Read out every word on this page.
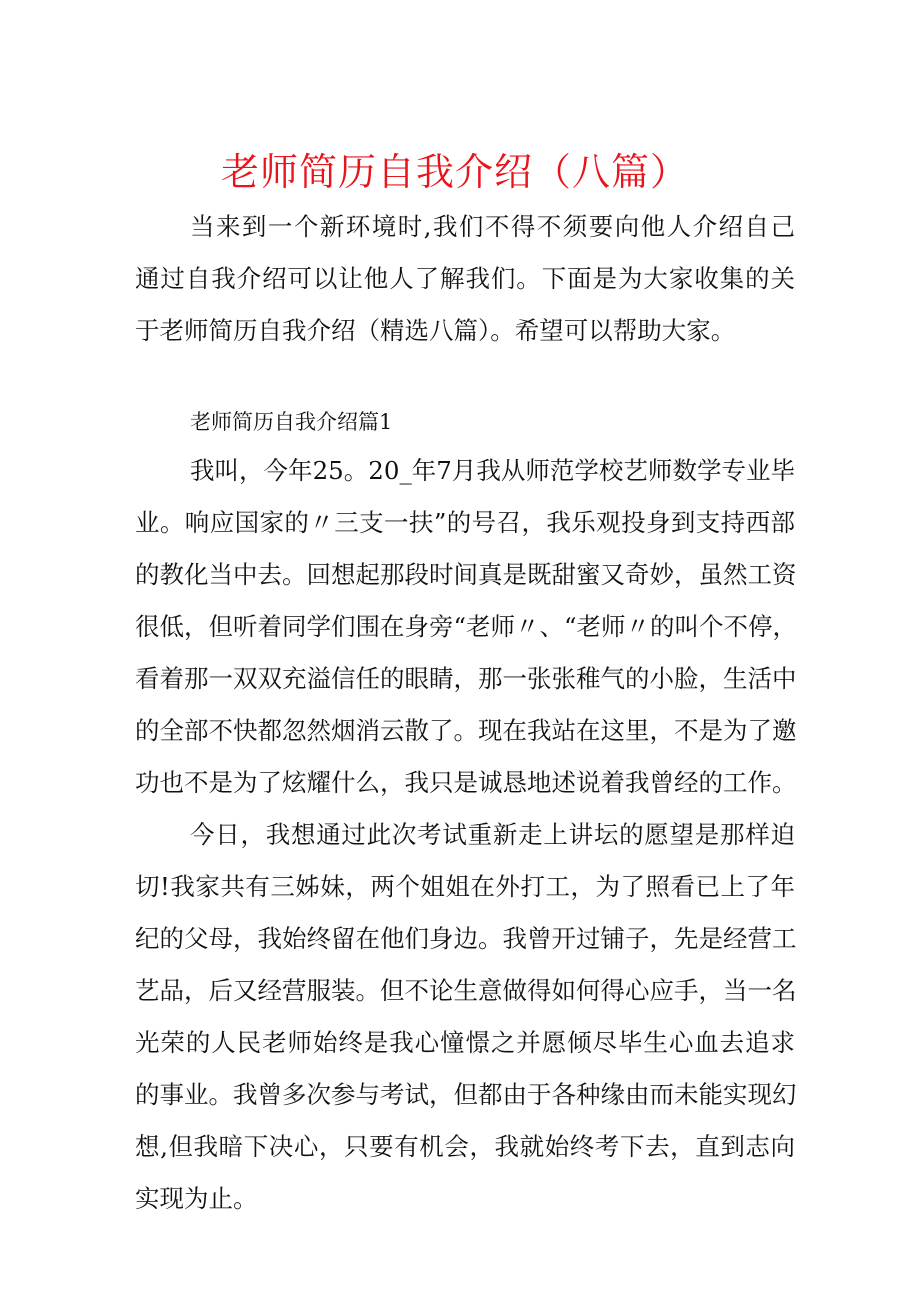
老师简历自我介绍（八篇）
当来到一个新环境时,我们不得不须要向他人介绍自己
通过自我介绍可以让他人了解我们。下面是为大家收集的关
于老师简历自我介绍（精选八篇）。希望可以帮助大家。
老师简历自我介绍篇1
我叫，今年25。20_年7月我从师范学校艺师数学专业毕
业。响应国家的〃三支一扶”的号召，我乐观投身到支持西部
的教化当中去。回想起那段时间真是既甜蜜又奇妙，虽然工资
很低，但听着同学们围在身旁“老师〃、“老师〃的叫个不停，
看着那一双双充溢信任的眼睛，那一张张稚气的小脸，生活中
的全部不快都忽然烟消云散了。现在我站在这里，不是为了邀
功也不是为了炫耀什么，我只是诚恳地述说着我曾经的工作。
今日，我想通过此次考试重新走上讲坛的愿望是那样迫
切!我家共有三姊妹，两个姐姐在外打工，为了照看已上了年
纪的父母，我始终留在他们身边。我曾开过铺子，先是经营工
艺品，后又经营服装。但不论生意做得如何得心应手，当一名
光荣的人民老师始终是我心憧憬之并愿倾尽毕生心血去追求
的事业。我曾多次参与考试，但都由于各种缘由而未能实现幻
想,但我暗下决心，只要有机会，我就始终考下去，直到志向
实现为止。
